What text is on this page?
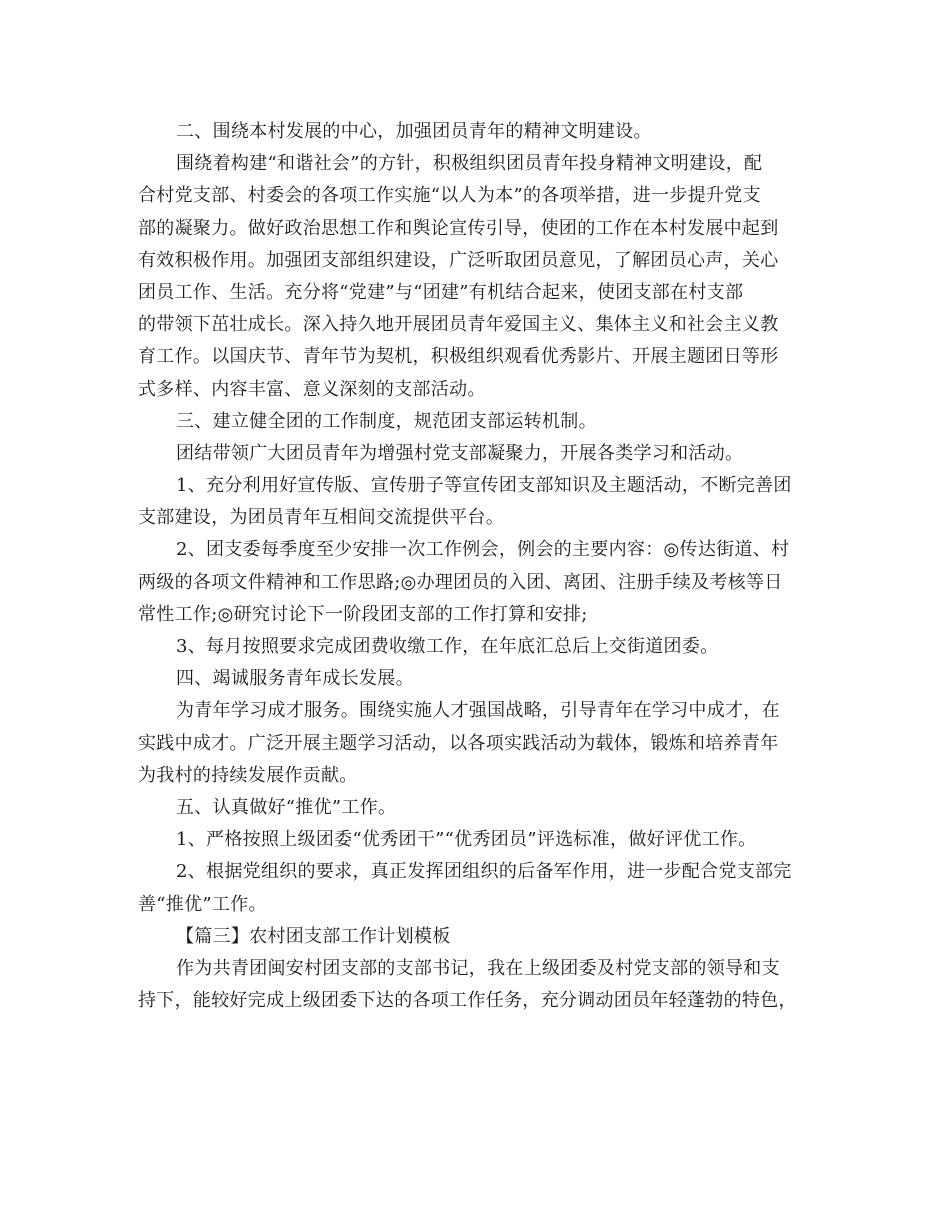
二、围绕本村发展的中心，加强团员青年的精神文明建设。
围绕着构建“和谐社会”的方针，积极组织团员青年投身精神文明建设，配
合村党支部、村委会的各项工作实施“以人为本”的各项举措，进一步提升党支
部的凝聚力。做好政治思想工作和舆论宣传引导，使团的工作在本村发展中起到
有效积极作用。加强团支部组织建设，广泛听取团员意见，了解团员心声，关心
团员工作、生活。充分将“党建”与“团建”有机结合起来，使团支部在村支部
的带领下茁壮成长。深入持久地开展团员青年爱国主义、集体主义和社会主义教
育工作。以国庆节、青年节为契机，积极组织观看优秀影片、开展主题团日等形
式多样、内容丰富、意义深刻的支部活动。
三、建立健全团的工作制度，规范团支部运转机制。
团结带领广大团员青年为增强村党支部凝聚力，开展各类学习和活动。
1、充分利用好宣传版、宣传册子等宣传团支部知识及主题活动，不断完善团
支部建设，为团员青年互相间交流提供平台。
2、团支委每季度至少安排一次工作例会，例会的主要内容：◎传达街道、村
两级的各项文件精神和工作思路;◎办理团员的入团、离团、注册手续及考核等日
常性工作;◎研究讨论下一阶段团支部的工作打算和安排;
3、每月按照要求完成团费收缴工作，在年底汇总后上交街道团委。
四、竭诚服务青年成长发展。
为青年学习成才服务。围绕实施人才强国战略，引导青年在学习中成才，在
实践中成才。广泛开展主题学习活动，以各项实践活动为载体，锻炼和培养青年
为我村的持续发展作贡献。
五、认真做好“推优”工作。
1、严格按照上级团委“优秀团干”“优秀团员”评选标准，做好评优工作。
2、根据党组织的要求，真正发挥团组织的后备军作用，进一步配合党支部完
善“推优”工作。
【篇三】农村团支部工作计划模板
作为共青团闽安村团支部的支部书记，我在上级团委及村党支部的领导和支
持下，能较好完成上级团委下达的各项工作任务，充分调动团员年轻蓬勃的特色，
